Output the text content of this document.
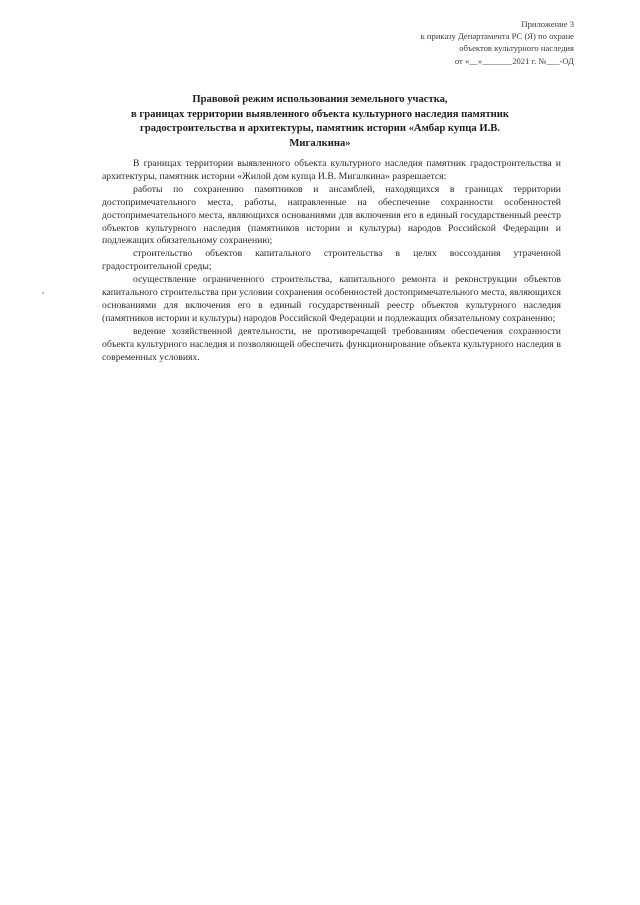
Приложение 3
к приказу Департамента РС (Я) по охране
объектов культурного наследия
от «__»_______2021 г. №___-ОД
Правовой режим использования земельного участка,
в границах территории выявленного объекта культурного наследия памятник
градостроительства и архитектуры, памятник истории «Амбар купца И.В.
Мигалкина»

В границах территории выявленного объекта культурного наследия памятник градостроительства и архитектуры, памятник истории «Жилой дом купца И.В. Мигалкина» разрешается:

работы по сохранению памятников и ансамблей, находящихся в границах территории достопримечательного места, работы, направленные на обеспечение сохранности особенностей достопримечательного места, являющихся основаниями для включения его в единый государственный реестр объектов культурного наследия (памятников истории и культуры) народов Российской Федерации и подлежащих обязательному сохранению;

строительство объектов капитального строительства в целях воссоздания утраченной градостроительной среды;

осуществление ограниченного строительства, капитального ремонта и реконструкции объектов капитального строительства при условии сохранения особенностей достопримечательного места, являющихся основаниями для включения его в единый государственный реестр объектов культурного наследия (памятников истории и культуры) народов Российской Федерации и подлежащих обязательному сохранению;

ведение хозяйственной деятельности, не противоречащей требованиям обеспечения сохранности объекта культурного наследия и позволяющей обеспечить функционирование объекта культурного наследия в современных условиях.
